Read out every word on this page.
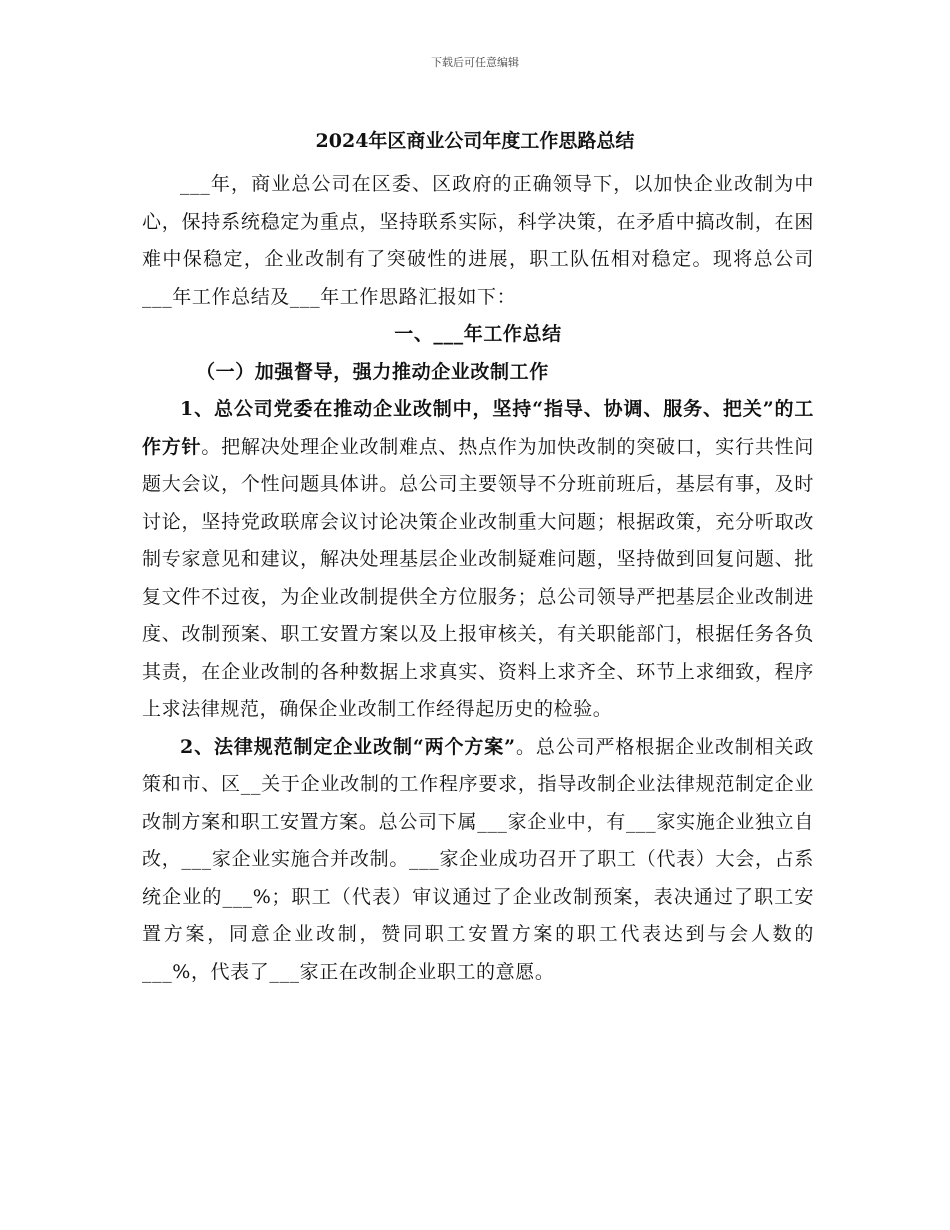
下载后可任意编辑
2024年区商业公司年度工作思路总结

___年，商业总公司在区委、区政府的正确领导下，以加快企业改制为中心，保持系统稳定为重点，坚持联系实际，科学决策，在矛盾中搞改制，在困难中保稳定，企业改制有了突破性的进展，职工队伍相对稳定。现将总公司___年工作总结及___年工作思路汇报如下：

一、___年工作总结

（一）加强督导，强力推动企业改制工作

1、总公司党委在推动企业改制中，坚持“指导、协调、服务、把关”的工作方针。把解决处理企业改制难点、热点作为加快改制的突破口，实行共性问题大会议，个性问题具体讲。总公司主要领导不分班前班后，基层有事，及时讨论，坚持党政联席会议讨论决策企业改制重大问题；根据政策，充分听取改制专家意见和建议，解决处理基层企业改制疑难问题，坚持做到回复问题、批复文件不过夜，为企业改制提供全方位服务；总公司领导严把基层企业改制进度、改制预案、职工安置方案以及上报审核关，有关职能部门，根据任务各负其责，在企业改制的各种数据上求真实、资料上求齐全、环节上求细致，程序上求法律规范，确保企业改制工作经得起历史的检验。

2、法律规范制定企业改制“两个方案”。总公司严格根据企业改制相关政策和市、区__关于企业改制的工作程序要求，指导改制企业法律规范制定企业改制方案和职工安置方案。总公司下属___家企业中，有___家实施企业独立自改，___家企业实施合并改制。___家企业成功召开了职工（代表）大会，占系统企业的___%；职工（代表）审议通过了企业改制预案，表决通过了职工安置方案，同意企业改制，赞同职工安置方案的职工代表达到与会人数的___%，代表了___家正在改制企业职工的意愿。
